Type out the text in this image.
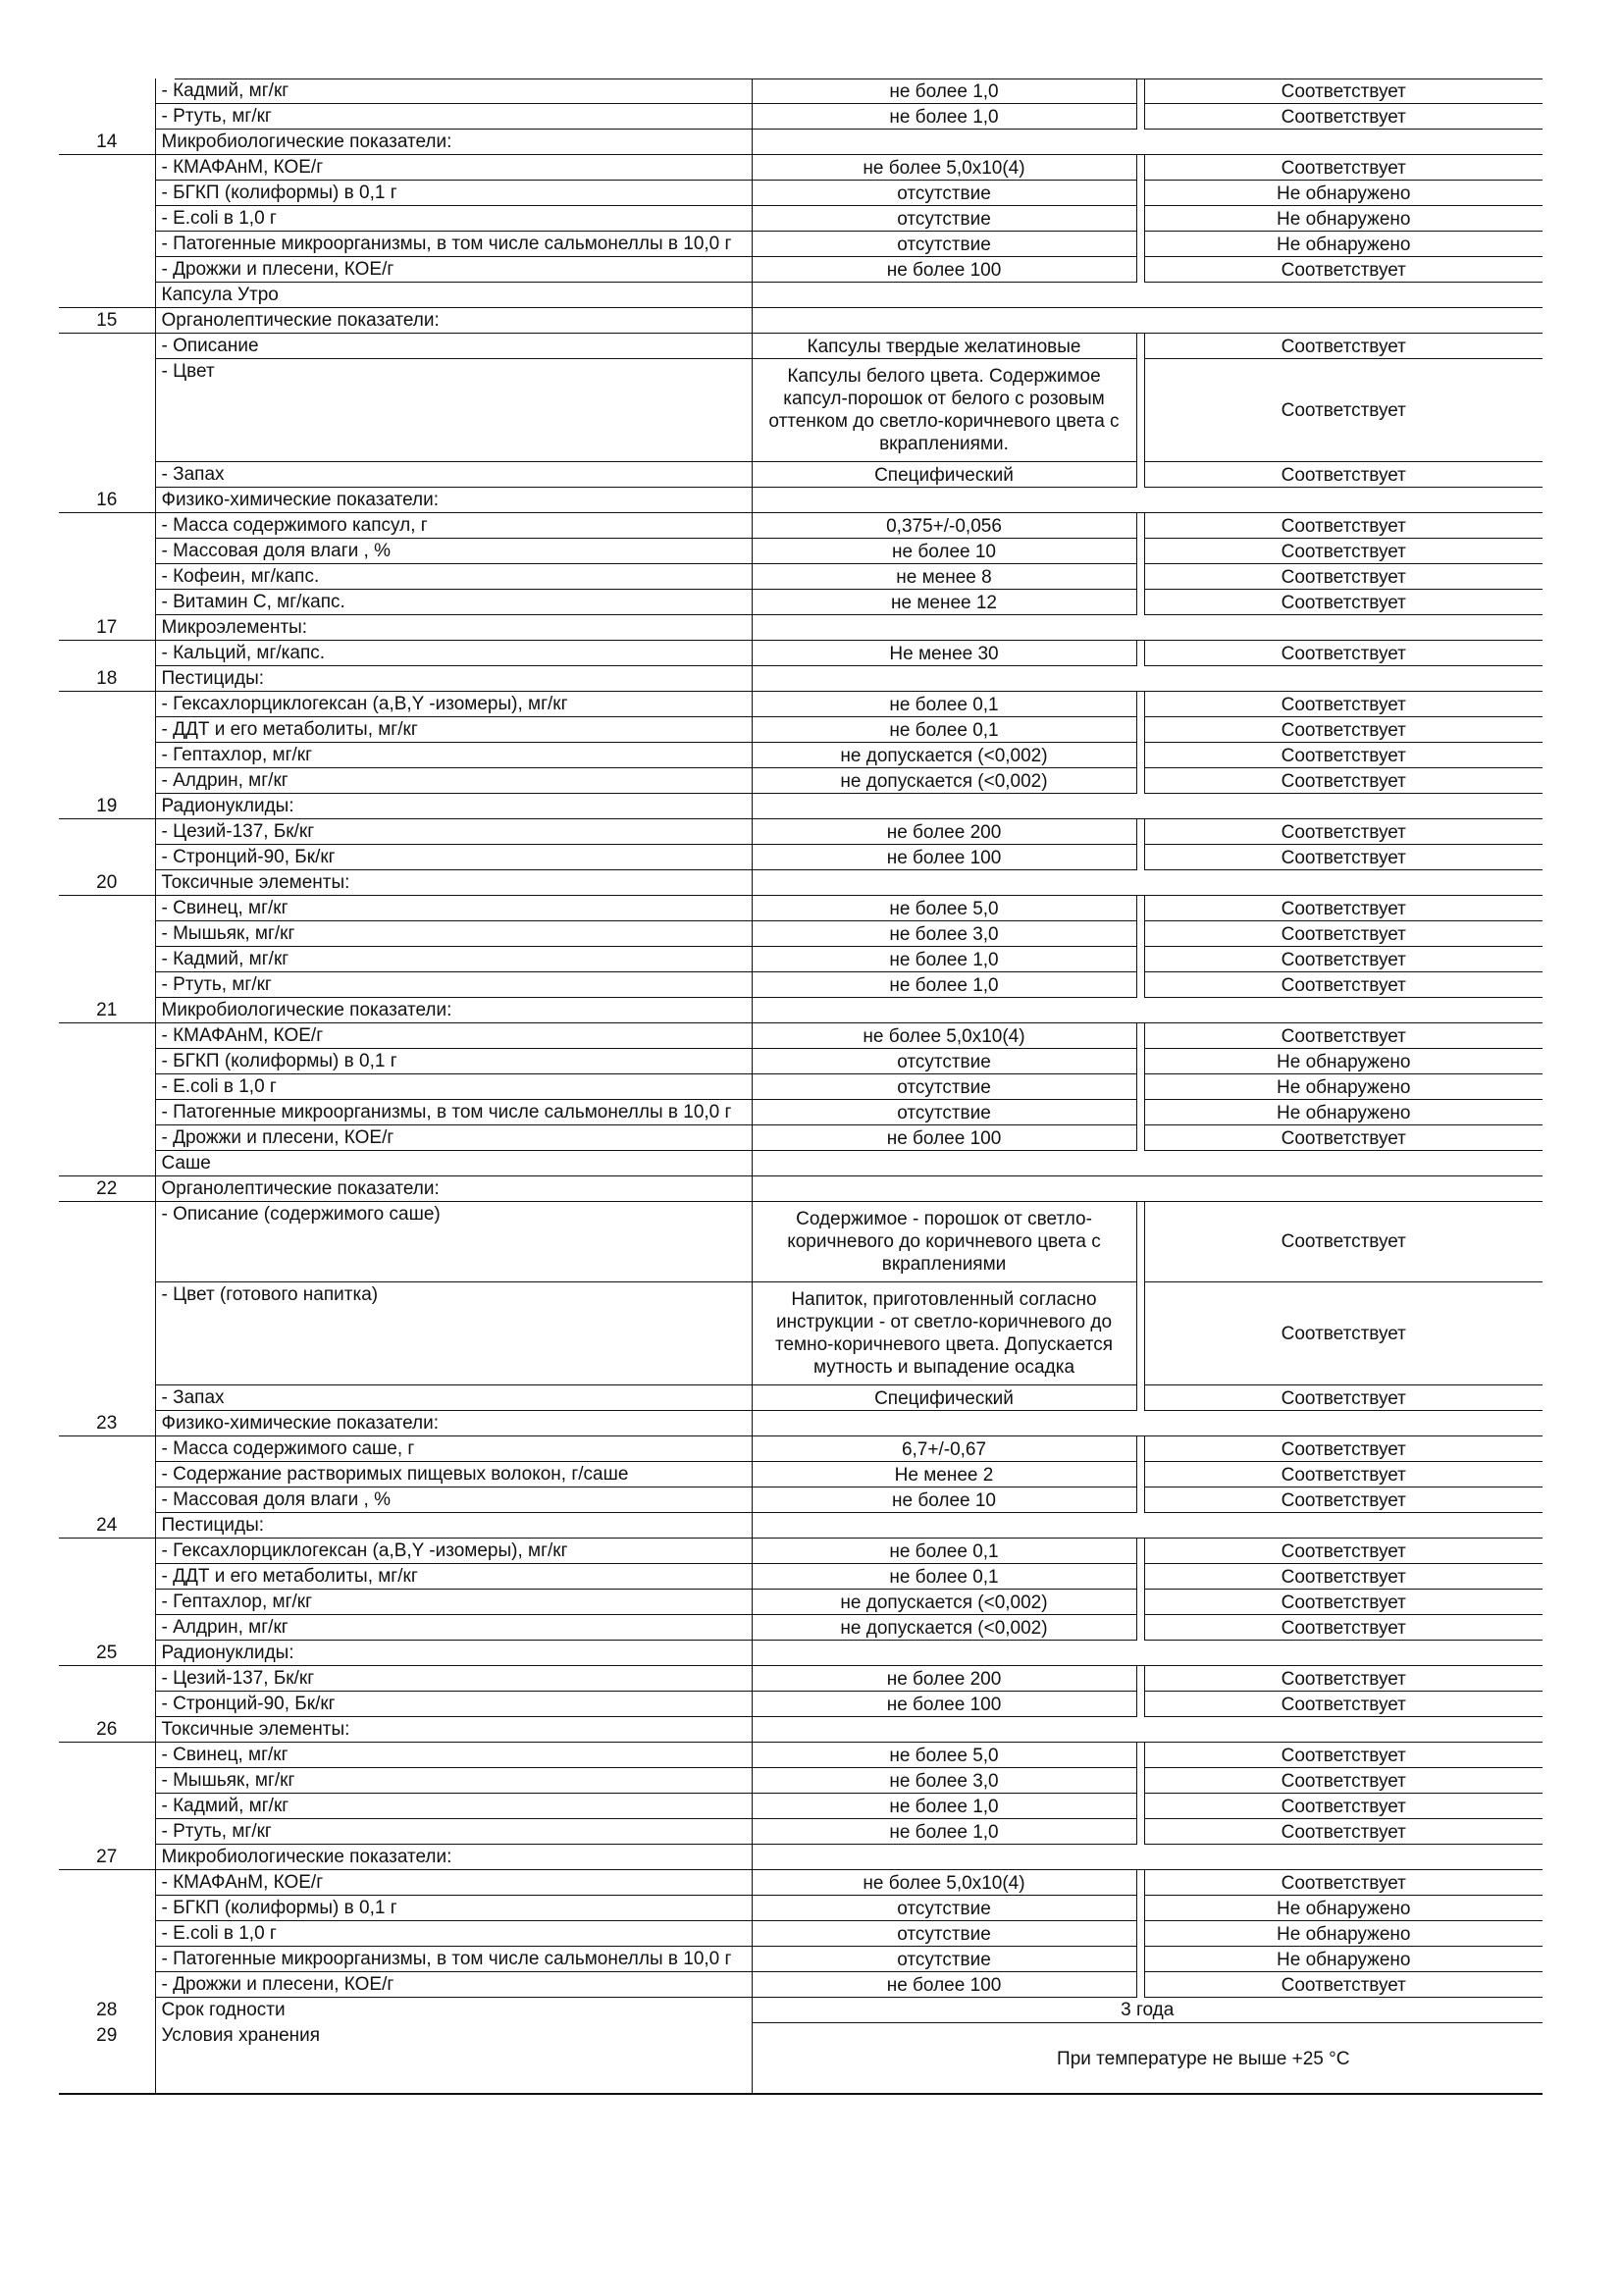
	- Кадмий, мг/кг	не более 1,0		Соответствует
	- Ртуть, мг/кг	не более 1,0		Соответствует
14	Микробиологические показатели:			
	- КМАФАнМ, КОЕ/г	не более 5,0x10(4)		Соответствует
	- БГКП (колиформы) в 0,1 г	отсутствие		Не обнаружено
	- E.coli в 1,0 г	отсутствие		Не обнаружено
	- Патогенные микроорганизмы, в том числе сальмонеллы в 10,0 г	отсутствие		Не обнаружено
	- Дрожжи и плесени, КОЕ/г	не более 100		Соответствует
	Капсула Утро			
15	Органолептические показатели:			
	- Описание	Капсулы твердые желатиновые		Соответствует
	- Цвет	Капсулы белого цвета. Содержимое капсул-порошок от белого с розовым оттенком до светло-коричневого цвета с вкраплениями.		Соответствует
	- Запах	Специфический		Соответствует
16	Физико-химические показатели:			
	- Масса содержимого капсул, г	0,375+/-0,056		Соответствует
	- Массовая доля влаги , %	не более 10		Соответствует
	- Кофеин, мг/капс.	не менее 8		Соответствует
	- Витамин С, мг/капс.	не менее 12		Соответствует
17	Микроэлементы:			
	- Кальций, мг/капс.	Не менее 30		Соответствует
18	Пестициды:			
	- Гексахлорциклогексан (a,B,Y -изомеры), мг/кг	не более 0,1		Соответствует
	- ДДТ и его метаболиты, мг/кг	не более 0,1		Соответствует
	- Гептахлор, мг/кг	не допускается (<0,002)		Соответствует
	- Алдрин, мг/кг	не допускается (<0,002)		Соответствует
19	Радионуклиды:			
	- Цезий-137, Бк/кг	не более 200		Соответствует
	- Стронций-90, Бк/кг	не более 100		Соответствует
20	Токсичные элементы:			
	- Свинец, мг/кг	не более 5,0		Соответствует
	- Мышьяк, мг/кг	не более 3,0		Соответствует
	- Кадмий, мг/кг	не более 1,0		Соответствует
	- Ртуть, мг/кг	не более 1,0		Соответствует
21	Микробиологические показатели:			
	- КМАФАнМ, КОЕ/г	не более 5,0x10(4)		Соответствует
	- БГКП (колиформы) в 0,1 г	отсутствие		Не обнаружено
	- E.coli в 1,0 г	отсутствие		Не обнаружено
	- Патогенные микроорганизмы, в том числе сальмонеллы в 10,0 г	отсутствие		Не обнаружено
	- Дрожжи и плесени, КОЕ/г	не более 100		Соответствует
	Саше			
22	Органолептические показатели:			
	- Описание (содержимого саше)	Содержимое - порошок от светло-коричневого до коричневого цвета с вкраплениями		Соответствует
	- Цвет (готового напитка)	Напиток, приготовленный согласно инструкции - от светло-коричневого до темно-коричневого цвета. Допускается мутность и выпадение осадка		Соответствует
	- Запах	Специфический		Соответствует
23	Физико-химические показатели:			
	- Масса содержимого саше, г	6,7+/-0,67		Соответствует
	- Содержание растворимых пищевых волокон, г/саше	Не менее 2		Соответствует
	- Массовая доля влаги , %	не более 10		Соответствует
24	Пестициды:			
	- Гексахлорциклогексан (a,B,Y -изомеры), мг/кг	не более 0,1		Соответствует
	- ДДТ и его метаболиты, мг/кг	не более 0,1		Соответствует
	- Гептахлор, мг/кг	не допускается (<0,002)		Соответствует
	- Алдрин, мг/кг	не допускается (<0,002)		Соответствует
25	Радионуклиды:			
	- Цезий-137, Бк/кг	не более 200		Соответствует
	- Стронций-90, Бк/кг	не более 100		Соответствует
26	Токсичные элементы:			
	- Свинец, мг/кг	не более 5,0		Соответствует
	- Мышьяк, мг/кг	не более 3,0		Соответствует
	- Кадмий, мг/кг	не более 1,0		Соответствует
	- Ртуть, мг/кг	не более 1,0		Соответствует
27	Микробиологические показатели:			
	- КМАФАнМ, КОЕ/г	не более 5,0x10(4)		Соответствует
	- БГКП (колиформы) в 0,1 г	отсутствие		Не обнаружено
	- E.coli в 1,0 г	отсутствие		Не обнаружено
	- Патогенные микроорганизмы, в том числе сальмонеллы в 10,0 г	отсутствие		Не обнаружено
	- Дрожжи и плесени, КОЕ/г	не более 100		Соответствует
28	Срок годности	3 года		
29	Условия хранения	При температуре не выше +25 °С		
